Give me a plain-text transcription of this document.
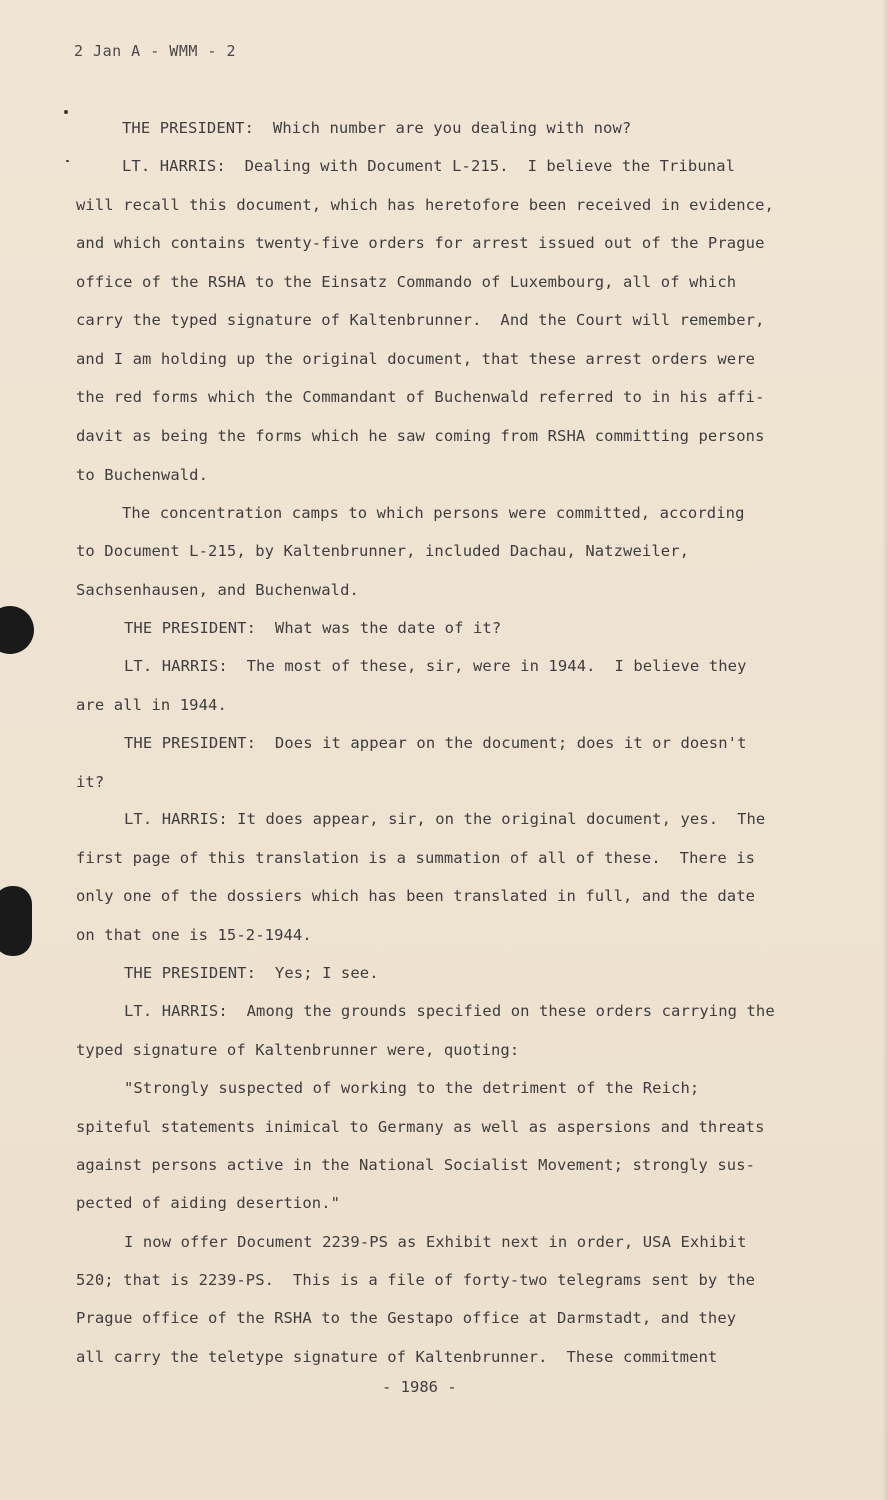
2 Jan A - WMM - 2
THE PRESIDENT:  Which number are you dealing with now?
LT. HARRIS:  Dealing with Document L-215.  I believe the Tribunal
will recall this document, which has heretofore been received in evidence,
and which contains twenty-five orders for arrest issued out of the Prague
office of the RSHA to the Einsatz Commando of Luxembourg, all of which
carry the typed signature of Kaltenbrunner.  And the Court will remember,
and I am holding up the original document, that these arrest orders were
the red forms which the Commandant of Buchenwald referred to in his affi-
davit as being the forms which he saw coming from RSHA committing persons
to Buchenwald.
The concentration camps to which persons were committed, according
to Document L-215, by Kaltenbrunner, included Dachau, Natzweiler,
Sachsenhausen, and Buchenwald.
THE PRESIDENT:  What was the date of it?
LT. HARRIS:  The most of these, sir, were in 1944.  I believe they
are all in 1944.
THE PRESIDENT:  Does it appear on the document; does it or doesn't
it?
LT. HARRIS: It does appear, sir, on the original document, yes.  The
first page of this translation is a summation of all of these.  There is
only one of the dossiers which has been translated in full, and the date
on that one is 15-2-1944.
THE PRESIDENT:  Yes; I see.
LT. HARRIS:  Among the grounds specified on these orders carrying the
typed signature of Kaltenbrunner were, quoting:
"Strongly suspected of working to the detriment of the Reich;
spiteful statements inimical to Germany as well as aspersions and threats
against persons active in the National Socialist Movement; strongly sus-
pected of aiding desertion."
I now offer Document 2239-PS as Exhibit next in order, USA Exhibit
520; that is 2239-PS.  This is a file of forty-two telegrams sent by the
Prague office of the RSHA to the Gestapo office at Darmstadt, and they
all carry the teletype signature of Kaltenbrunner.  These commitment
- 1986 -
